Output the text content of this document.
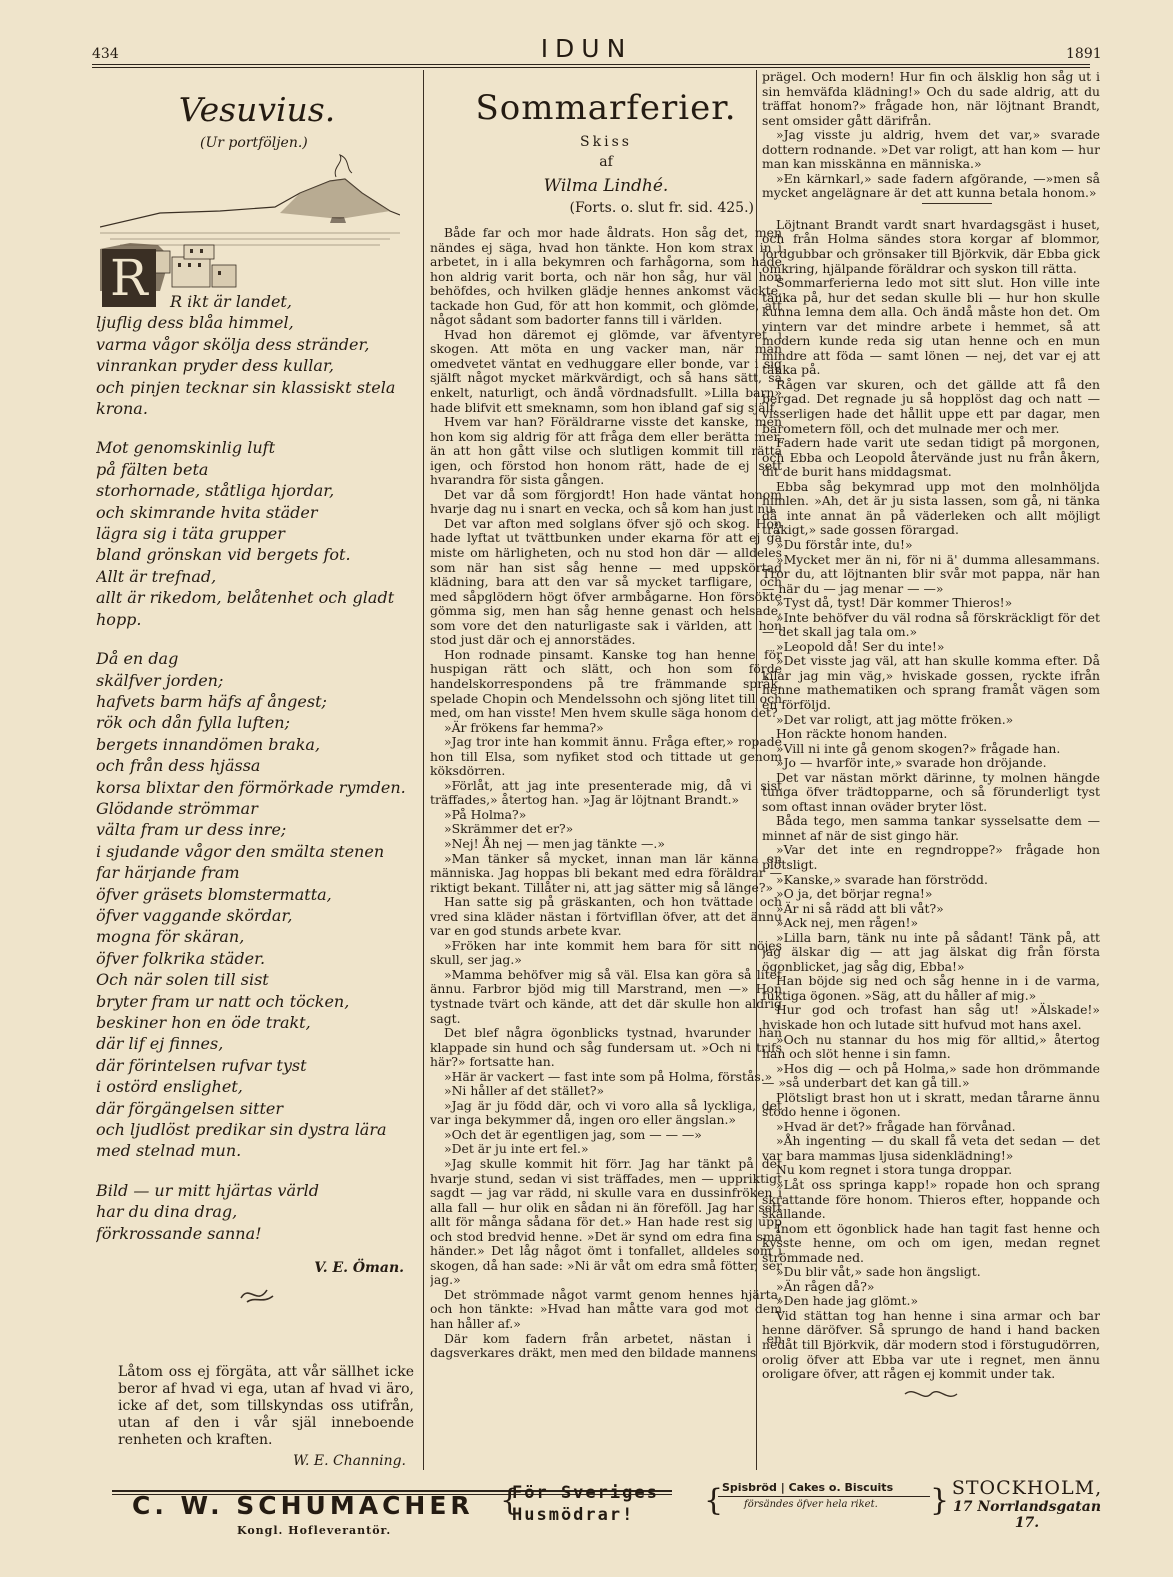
434	IDUN	1891
Vesuvius.
(Ur portföljen.)
R	R ikt är landet,
ljuflig dess blåa himmel,
varma vågor skölja dess stränder,
vinrankan pryder dess kullar,
och pinjen tecknar sin klassiskt stela krona.
Mot genomskinlig luft
på fälten beta
storhornade, ståtliga hjordar,
och skimrande hvita städer
lägra sig i täta grupper
bland grönskan vid bergets fot.
Allt är trefnad,
allt är rikedom, belåtenhet och gladt hopp.
Då en dag
skälfver jorden;
hafvets barm häfs af ångest;
rök och dån fylla luften;
bergets innandömen braka,
och från dess hjässa
korsa blixtar den förmörkade rymden.
Glödande strömmar
välta fram ur dess inre;
i sjudande vågor den smälta stenen
far härjande fram
öfver gräsets blomstermatta,
öfver vaggande skördar,
mogna för skäran,
öfver folkrika städer.
Och när solen till sist
bryter fram ur natt och töcken,
beskiner hon en öde trakt,
där lif ej finnes,
där förintelsen rufvar tyst
i ostörd enslighet,
där förgängelsen sitter
och ljudlöst predikar sin dystra lära
med stelnad mun.
Bild — ur mitt hjärtas värld
har du dina drag,
förkrossande sanna!
V. E. Öman.
Låtom oss ej förgäta, att vår sällhet icke beror af hvad vi ega, utan af hvad vi äro, icke af det, som tillskyndas oss utifrån, utan af den i vår själ inneboende renheten och kraften.
W. E. Channing.
Sommarferier.
Skiss
af
Wilma Lindhé.
(Forts. o. slut fr. sid. 425.)

Både far och mor hade åldrats. Hon såg det, men nändes ej säga, hvad hon tänkte. Hon kom strax in i arbetet, in i alla bekymren och farhågorna, som hade hon aldrig varit borta, och när hon såg, hur väl hon behöfdes, och hvilken glädje hennes ankomst väckte, tackade hon Gud, för att hon kommit, och glömde, att något sådant som badorter fanns till i världen.

Hvad hon däremot ej glömde, var äfventyret i skogen. Att möta en ung vacker man, när man omedvetet väntat en vedhuggare eller bonde, var i sig själft något mycket märkvärdigt, och så hans sätt, så enkelt, naturligt, och ändå vördnadsfullt. »Lilla barn» hade blifvit ett smeknamn, som hon ibland gaf sig själf.

Hvem var han? Föräldrarne visste det kanske, men hon kom sig aldrig för att fråga dem eller berätta mer, än att hon gått vilse och slutligen kommit till rätta igen, och förstod hon honom rätt, hade de ej sett hvarandra för sista gången.

Det var då som förgjordt! Hon hade väntat honom hvarje dag nu i snart en vecka, och så kom han just nu.

Det var afton med solglans öfver sjö och skog. Hon hade lyftat ut tvättbunken under ekarna för att ej gå miste om härligheten, och nu stod hon där — alldeles som när han sist såg henne — med uppskörtad klädning, bara att den var så mycket tarfligare, och med såpglödern högt öfver armbågarne. Hon försökte gömma sig, men han såg henne genast och helsade, som vore det den naturligaste sak i världen, att hon stod just där och ej annorstädes.

Hon rodnade pinsamt. Kanske tog han henne för huspigan rätt och slätt, och hon som förde handelskorrespondens på tre främmande språk, spelade Chopin och Mendelssohn och sjöng litet till och med, om han visste! Men hvem skulle säga honom det?

»Är frökens far hemma?»

»Jag tror inte han kommit ännu. Fråga efter,» ropade hon till Elsa, som nyfiket stod och tittade ut genom köksdörren.

»Förlåt, att jag inte presenterade mig, då vi sist träffades,» återtog han. »Jag är löjtnant Brandt.»

»På Holma?»

»Skrämmer det er?»

»Nej! Åh nej — men jag tänkte —.»

»Man tänker så mycket, innan man lär känna en människa. Jag hoppas bli bekant med edra föräldrar — riktigt bekant. Tillåter ni, att jag sätter mig så länge?»

Han satte sig på gräskanten, och hon tvättade och vred sina kläder nästan i förtvifllan öfver, att det ännu var en god stunds arbete kvar.

»Fröken har inte kommit hem bara för sitt nöjes skull, ser jag.»

»Mamma behöfver mig så väl. Elsa kan göra så litet ännu. Farbror bjöd mig till Marstrand, men —» Hon tystnade tvärt och kände, att det där skulle hon aldrig sagt.

Det blef några ögonblicks tystnad, hvarunder han klappade sin hund och såg fundersam ut. »Och ni trifs här?» fortsatte han.

»Här är vackert — fast inte som på Holma, förstås.»

»Ni håller af det stället?»

»Jag är ju född där, och vi voro alla så lyckliga, det var inga bekymmer då, ingen oro eller ängslan.»

»Och det är egentligen jag, som — — —»

»Det är ju inte ert fel.»

»Jag skulle kommit hit förr. Jag har tänkt på det hvarje stund, sedan vi sist träffades, men — uppriktigt sagdt — jag var rädd, ni skulle vara en dussinfröken i alla fall — hur olik en sådan ni än föreföll. Jag har sett allt för många sådana för det.» Han hade rest sig upp och stod bredvid henne. »Det är synd om edra fina små händer.» Det låg något ömt i tonfallet, alldeles som i skogen, då han sade: »Ni är våt om edra små fötter, ser jag.»

Det strömmade något varmt genom hennes hjärta, och hon tänkte: »Hvad han måtte vara god mot dem han håller af.»

Där kom fadern från arbetet, nästan i en dagsverkares dräkt, men med den bildade mannens

prägel. Och modern! Hur fin och älsklig hon såg ut i sin hemväfda klädning!» Och du sade aldrig, att du träffat honom?» frågade hon, när löjtnant Brandt, sent omsider gått därifrån.

»Jag visste ju aldrig, hvem det var,» svarade dottern rodnande. »Det var roligt, att han kom — hur man kan misskänna en människa.»

»En kärnkarl,» sade fadern afgörande, —»men så mycket angelägnare är det att kunna betala honom.»

Löjtnant Brandt vardt snart hvardagsgäst i huset, och från Holma sändes stora korgar af blommor, jordgubbar och grönsaker till Björkvik, där Ebba gick omkring, hjälpande föräldrar och syskon till rätta.

Sommarferierna ledo mot sitt slut. Hon ville inte tänka på, hur det sedan skulle bli — hur hon skulle kunna lemna dem alla. Och ändå måste hon det. Om vintern var det mindre arbete i hemmet, så att modern kunde reda sig utan henne och en mun mindre att föda — samt lönen — nej, det var ej att tänka på.

Rågen var skuren, och det gällde att få den bergad. Det regnade ju så hopplöst dag och natt — visserligen hade det hållit uppe ett par dagar, men barometern föll, och det mulnade mer och mer.

Fadern hade varit ute sedan tidigt på morgonen, och Ebba och Leopold återvände just nu från åkern, dit de burit hans middagsmat.

Ebba såg bekymrad upp mot den molnhöljda himlen. »Ah, det är ju sista lassen, som gå, ni tänka då inte annat än på väderleken och allt möjligt tråkigt,» sade gossen förargad.

»Du förstår inte, du!»

»Mycket mer än ni, för ni ä' dumma allesammans. Tror du, att löjtnanten blir svår mot pappa, när han — när du — jag menar — —»

»Tyst då, tyst! Där kommer Thieros!»

»Inte behöfver du väl rodna så förskräckligt för det — det skall jag tala om.»

»Leopold då! Ser du inte!»

»Det visste jag väl, att han skulle komma efter. Då kilar jag min väg,» hviskade gossen, ryckte ifrån henne mathematiken och sprang framåt vägen som en förföljd.

»Det var roligt, att jag mötte fröken.»

Hon räckte honom handen.

»Vill ni inte gå genom skogen?» frågade han.

»Jo — hvarför inte,» svarade hon dröjande.

Det var nästan mörkt därinne, ty molnen hängde tunga öfver trädtopparne, och så förunderligt tyst som oftast innan oväder bryter löst.

Båda tego, men samma tankar sysselsatte dem — minnet af när de sist gingo här.

»Var det inte en regndroppe?» frågade hon plötsligt.

»Kanske,» svarade han förströdd.

»O ja, det börjar regna!»

»Är ni så rädd att bli våt?»

»Ack nej, men rågen!»

»Lilla barn, tänk nu inte på sådant! Tänk på, att jag älskar dig — att jag älskat dig från första ögonblicket, jag såg dig, Ebba!»

Han böjde sig ned och såg henne in i de varma, fuktiga ögonen. »Säg, att du håller af mig.»

Hur god och trofast han såg ut! »Älskade!» hviskade hon och lutade sitt hufvud mot hans axel.

»Och nu stannar du hos mig för alltid,» återtog han och slöt henne i sin famn.

»Hos dig — och på Holma,» sade hon drömmande — »så underbart det kan gå till.»

Plötsligt brast hon ut i skratt, medan tårarne ännu stodo henne i ögonen.

»Hvad är det?» frågade han förvånad.

»Åh ingenting — du skall få veta det sedan — det var bara mammas ljusa sidenklädning!»

Nu kom regnet i stora tunga droppar.

»Låt oss springa kapp!» ropade hon och sprang skrattande före honom. Thieros efter, hoppande och skällande.

Inom ett ögonblick hade han tagit fast henne och kysste henne, om och om igen, medan regnet strömmade ned.

»Du blir våt,» sade hon ängsligt.

»Än rågen då?»

»Den hade jag glömt.»

Vid stättan tog han henne i sina armar och bar henne däröfver. Så sprungo de hand i hand backen nedåt till Björkvik, där modern stod i förstugudörren, orolig öfver att Ebba var ute i regnet, men ännu oroligare öfver, att rågen ej kommit under tak.

C. W. SCHUMACHER
Kongl. Hofleverantör.
{
För Sveriges
Husmödrar!	{
Spisbröd | Cakes o. Biscuits
försändes öfver hela riket.	} STOCKHOLM,
17 Norrlandsgatan 17.
